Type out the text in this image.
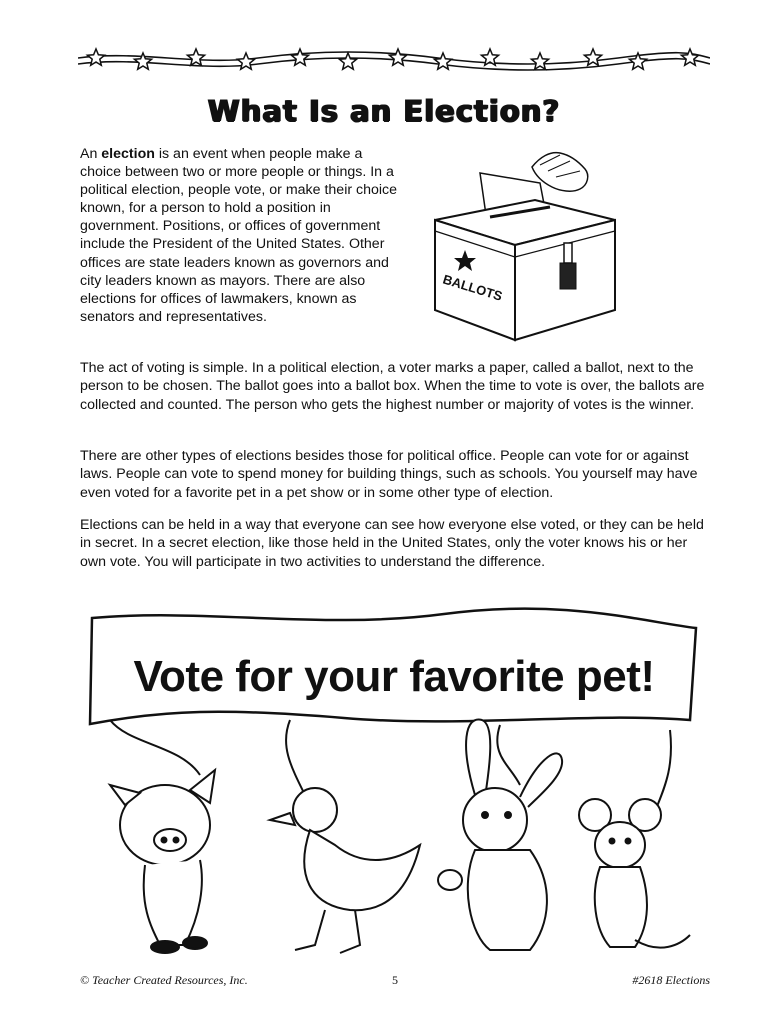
What Is an Election?
An election is an event when people make a choice between two or more people or things. In a political election, people vote, or make their choice known, for a person to hold a position in government. Positions, or offices of government include the President of the United States. Other offices are state leaders known as governors and city leaders known as mayors. There are also elections for offices of lawmakers, known as senators and representatives.
BALLOTS

The act of voting is simple. In a political election, a voter marks a paper, called a ballot, next to the person to be chosen. The ballot goes into a ballot box. When the time to vote is over, the ballots are collected and counted. The person who gets the highest number or majority of votes is the winner.

There are other types of elections besides those for political office. People can vote for or against laws. People can vote to spend money for building things, such as schools. You yourself may have even voted for a favorite pet in a pet show or in some other type of election.

Elections can be held in a way that everyone can see how everyone else voted, or they can be held in secret. In a secret election, like those held in the United States, only the voter knows his or her own vote. You will participate in two activities to understand the difference.

Vote for your favorite pet!
© Teacher Created Resources, Inc.	5	#2618 Elections
